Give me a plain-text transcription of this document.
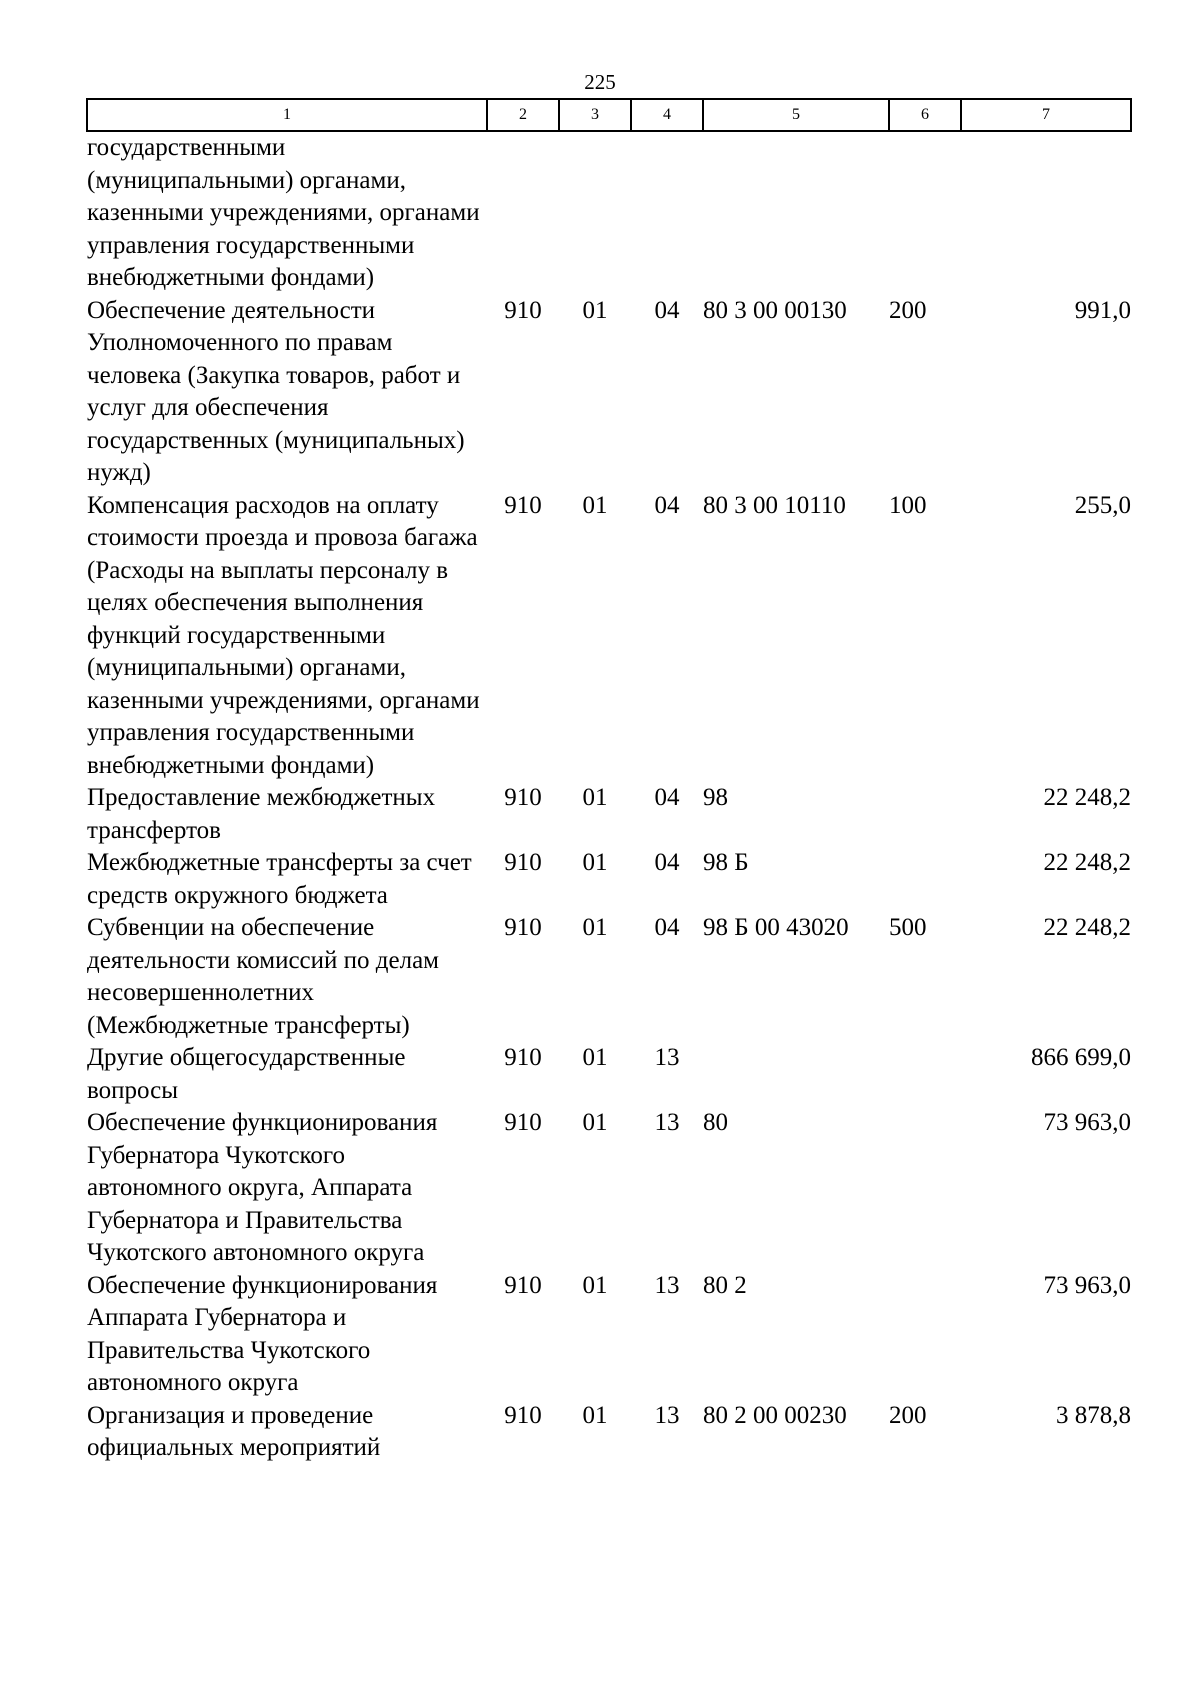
225
1	2	3	4	5	6	7
государственными (муниципальными) органами, казенными учреждениями, органами управления государственными внебюджетными фондами)						
Обеспечение деятельности Уполномоченного по правам человека (Закупка товаров, работ и услуг для обеспечения государственных (муниципальных) нужд)	910	01	04	80 3 00 00130	200	991,0
Компенсация расходов на оплату стоимости проезда и провоза багажа (Расходы на выплаты персоналу в целях обеспечения выполнения функций государственными (муниципальными) органами, казенными учреждениями, органами управления государственными внебюджетными фондами)	910	01	04	80 3 00 10110	100	255,0
Предоставление межбюджетных трансфертов	910	01	04	98		22 248,2
Межбюджетные трансферты за счет средств окружного бюджета	910	01	04	98 Б		22 248,2
Субвенции на обеспечение деятельности комиссий по делам несовершеннолетних (Межбюджетные трансферты)	910	01	04	98 Б 00 43020	500	22 248,2
Другие общегосударственные вопросы	910	01	13			866 699,0
Обеспечение функционирования Губернатора Чукотского автономного округа, Аппарата Губернатора и Правительства Чукотского автономного округа	910	01	13	80		73 963,0
Обеспечение функционирования Аппарата Губернатора и Правительства Чукотского автономного округа	910	01	13	80 2		73 963,0
Организация и проведение официальных мероприятий	910	01	13	80 2 00 00230	200	3 878,8
